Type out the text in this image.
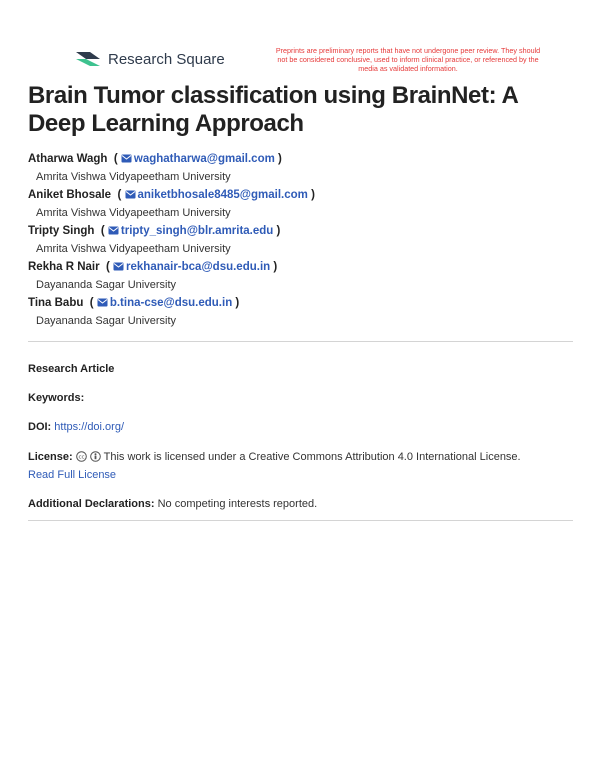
Research Square	Preprints are preliminary reports that have not undergone peer review. They should not be considered conclusive, used to inform clinical practice, or referenced by the media as validated information.
Brain Tumor classification using BrainNet: A Deep Learning Approach
Atharwa Wagh  ( waghatharwa@gmail.com )
Amrita Vishwa Vidyapeetham University
Aniket Bhosale  ( aniketbhosale8485@gmail.com )
Amrita Vishwa Vidyapeetham University
Tripty Singh  ( tripty_singh@blr.amrita.edu )
Amrita Vishwa Vidyapeetham University
Rekha R Nair  ( rekhanair-bca@dsu.edu.in )
Dayananda Sagar University
Tina Babu  ( b.tina-cse@dsu.edu.in )
Dayananda Sagar University
Research Article
Keywords:
DOI: https://doi.org/
License: cc This work is licensed under a Creative Commons Attribution 4.0 International License.
Read Full License
Additional Declarations: No competing interests reported.
